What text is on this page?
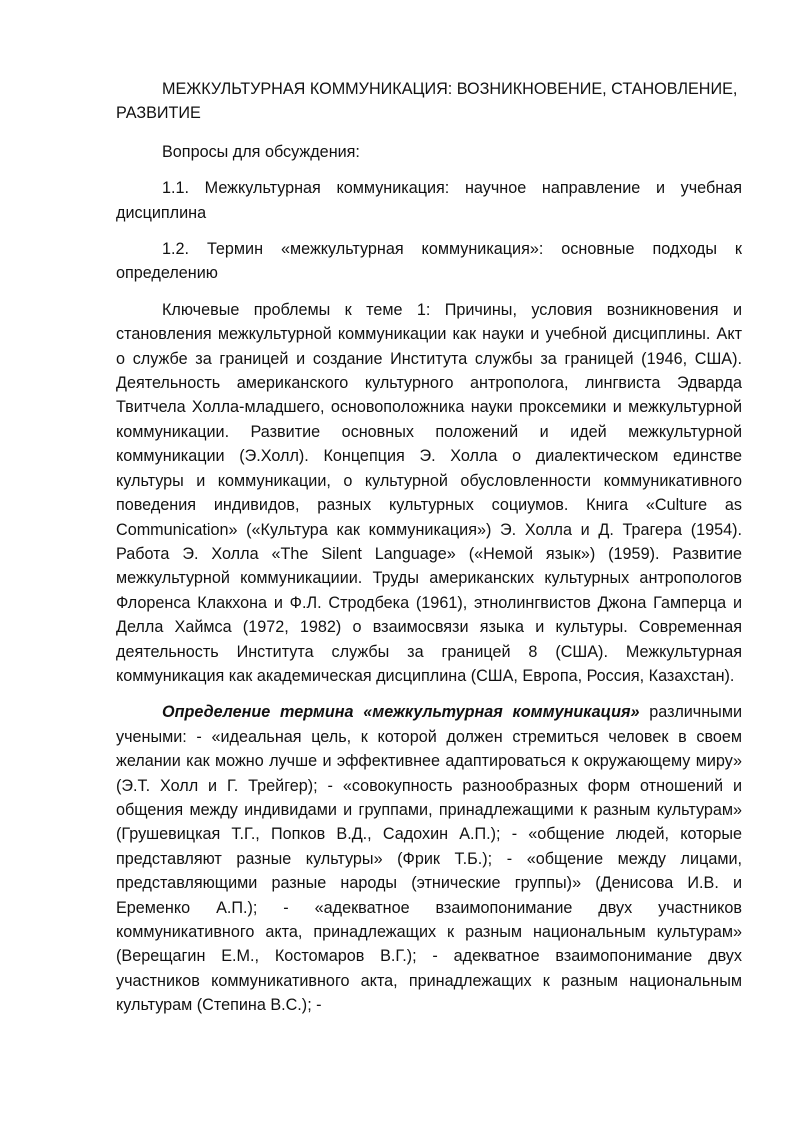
МЕЖКУЛЬТУРНАЯ КОММУНИКАЦИЯ: ВОЗНИКНОВЕНИЕ, СТАНОВЛЕНИЕ, РАЗВИТИЕ

Вопросы для обсуждения:

1.1. Межкультурная коммуникация: научное направление и учебная дисциплина

1.2. Термин «межкультурная коммуникация»: основные подходы к определению

Ключевые проблемы к теме 1: Причины, условия возникновения и становления межкультурной коммуникации как науки и учебной дисциплины. Акт о службе за границей и создание Института службы за границей (1946, США). Деятельность американского культурного антрополога, лингвиста Эдварда Твитчела Холла-младшего, основоположника науки проксемики и межкультурной коммуникации. Развитие основных положений и идей межкультурной коммуникации (Э.Холл). Концепция Э. Холла о диалектическом единстве культуры и коммуникации, о культурной обусловленности коммуникативного поведения индивидов, разных культурных социумов. Книга «Culture as Communication» («Культура как коммуникация») Э. Холла и Д. Трагера (1954). Работа Э. Холла «The Silent Language» («Немой язык») (1959). Развитие межкультурной коммуникациии. Труды американских культурных антропологов Флоренса Клакхона и Ф.Л. Стродбека (1961), этнолингвистов Джона Гамперца и Делла Хаймса (1972, 1982) о взаимосвязи языка и культуры. Современная деятельность Института службы за границей 8 (США). Межкультурная коммуникация как академическая дисциплина (США, Европа, Россия, Казахстан).

Определение термина «межкультурная коммуникация» различными учеными: - «идеальная цель, к которой должен стремиться человек в своем желании как можно лучше и эффективнее адаптироваться к окружающему миру» (Э.Т. Холл и Г. Трейгер); - «совокупность разнообразных форм отношений и общения между индивидами и группами, принадлежащими к разным культурам» (Грушевицкая Т.Г., Попков В.Д., Садохин А.П.); - «общение людей, которые представляют разные культуры» (Фрик Т.Б.); - «общение между лицами, представляющими разные народы (этнические группы)» (Денисова И.В. и Еременко А.П.); - «адекватное взаимопонимание двух участников коммуникативного акта, принадлежащих к разным национальным культурам» (Верещагин Е.М., Костомаров В.Г.); - адекватное взаимопонимание двух участников коммуникативного акта, принадлежащих к разным национальным культурам (Степина В.С.); -
